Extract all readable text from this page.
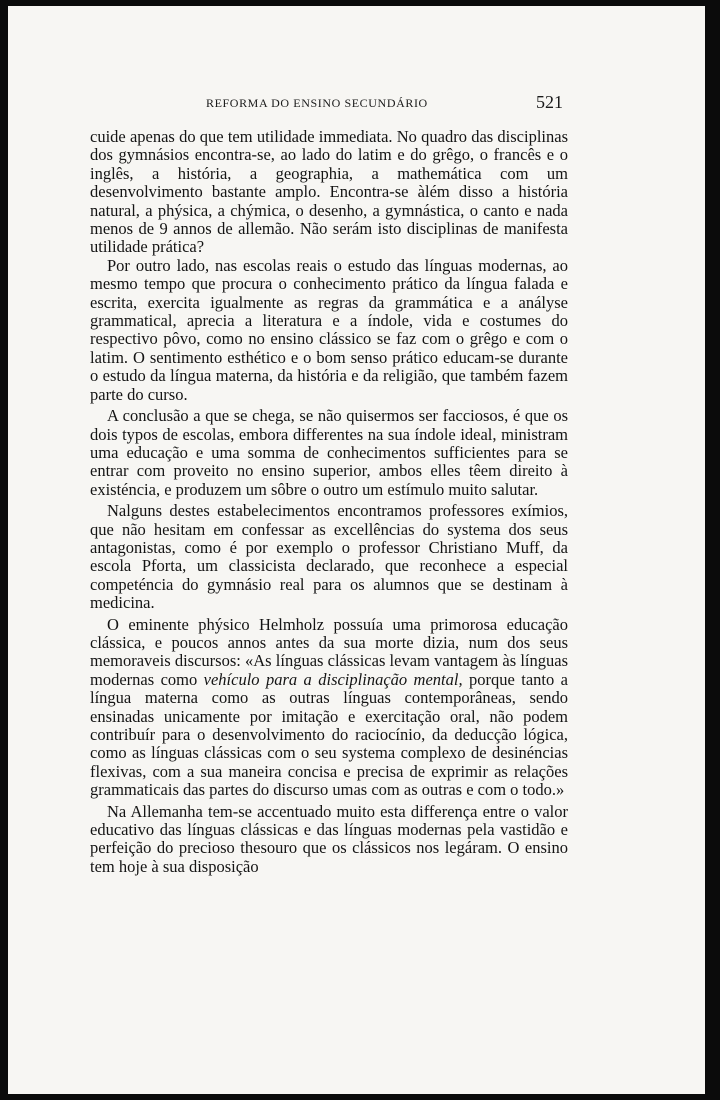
REFORMA DO ENSINO SECUNDÁRIO	521

cuide apenas do que tem utilidade immediata. No quadro das disciplinas dos gymnásios encontra-se, ao lado do latim e do grêgo, o francês e o inglês, a história, a geographia, a mathemática com um desenvolvimento bastante amplo. Encontra-se àlém disso a história natural, a phýsica, a chýmica, o desenho, a gymnástica, o canto e nada menos de 9 annos de allemão. Não serám isto disciplinas de manifesta utilidade prática?

Por outro lado, nas escolas reais o estudo das línguas modernas, ao mesmo tempo que procura o conhecimento prático da língua falada e escrita, exercita igualmente as regras da grammática e a anályse grammatical, aprecia a literatura e a índole, vida e costumes do respectivo pôvo, como no ensino clássico se faz com o grêgo e com o latim. O sentimento esthético e o bom senso prático educam-se durante o estudo da língua materna, da história e da religião, que também fazem parte do curso.

A conclusão a que se chega, se não quisermos ser facciosos, é que os dois typos de escolas, embora differentes na sua índole ideal, ministram uma educação e uma somma de conhecimentos sufficientes para se entrar com proveito no ensino superior, ambos elles têem direito à existéncia, e produzem um sôbre o outro um estímulo muito salutar.

Nalguns destes estabelecimentos encontramos professores exímios, que não hesitam em confessar as excellências do systema dos seus antagonistas, como é por exemplo o professor Christiano Muff, da escola Pforta, um classicista declarado, que reconhece a especial competéncia do gymnásio real para os alumnos que se destinam à medicina.

O eminente phýsico Helmholz possuía uma primorosa educação clássica, e poucos annos antes da sua morte dizia, num dos seus memoraveis discursos: «As línguas clássicas levam vantagem às línguas modernas como vehículo para a disciplinação mental, porque tanto a língua materna como as outras línguas contemporâneas, sendo ensinadas unicamente por imitação e exercitação oral, não podem contribuír para o desenvolvimento do raciocínio, da deducção lógica, como as línguas clássicas com o seu systema complexo de desinéncias flexivas, com a sua maneira concisa e precisa de exprimir as relações grammaticais das partes do discurso umas com as outras e com o todo.»

Na Allemanha tem-se accentuado muito esta differença entre o valor educativo das línguas clássicas e das línguas modernas pela vastidão e perfeição do precioso thesouro que os clássicos nos legáram. O ensino tem hoje à sua disposição
